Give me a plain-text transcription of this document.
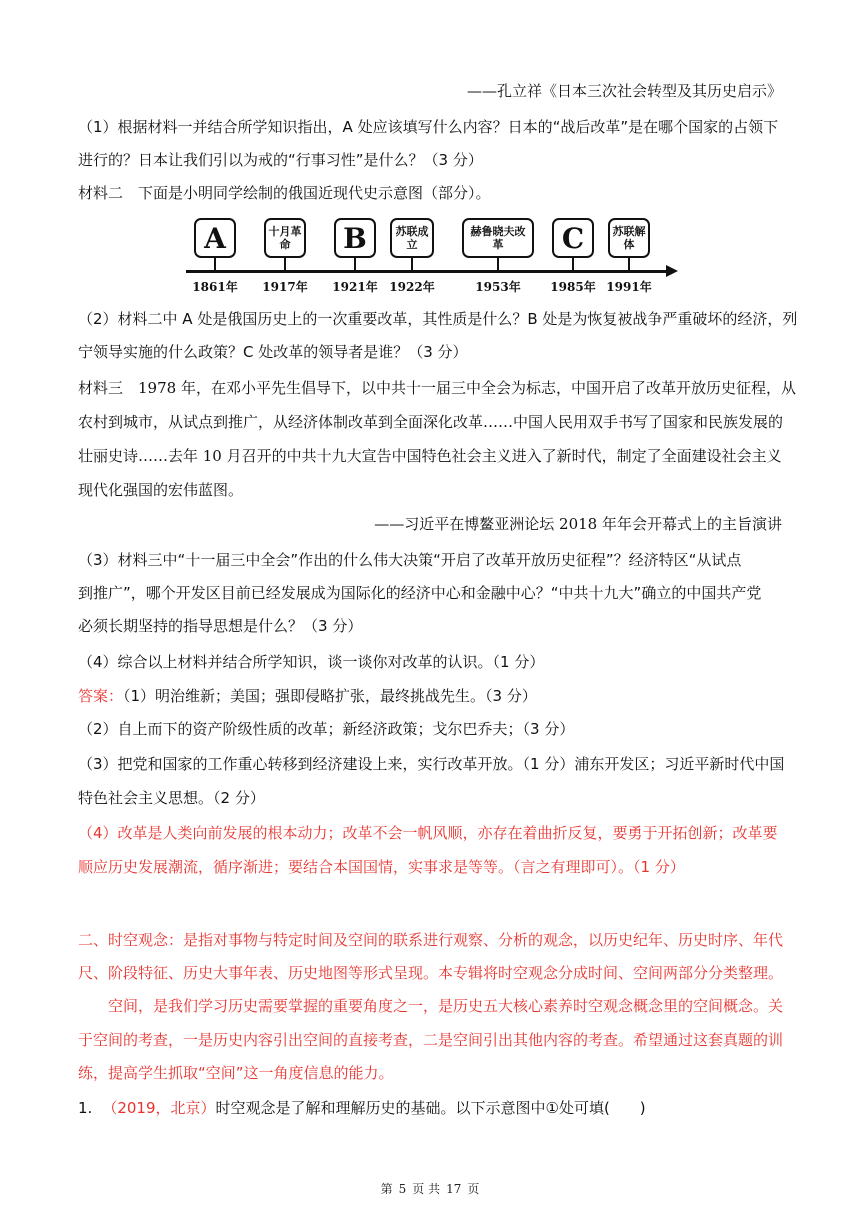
——孔立祥《日本三次社会转型及其历史启示》
（1）根据材料一并结合所学知识指出，A 处应该填写什么内容？日本的“战后改革”是在哪个国家的占领下
进行的？日本让我们引以为戒的“行事习性”是什么？（3 分）
材料二　下面是小明同学绘制的俄国近现代史示意图（部分）。
A	十月革命	B	苏联成立
赫鲁晓夫改革	C	苏联解体
1861年 1917年 1921年 1922年	1953年 1985年 1991年
（2）材料二中 A 处是俄国历史上的一次重要改革，其性质是什么？B 处是为恢复被战争严重破坏的经济，列
宁领导实施的什么政策？C 处改革的领导者是谁？（3 分）
材料三　1978 年，在邓小平先生倡导下，以中共十一届三中全会为标志，中国开启了改革开放历史征程，从
农村到城市，从试点到推广，从经济体制改革到全面深化改革……中国人民用双手书写了国家和民族发展的
壮丽史诗……去年 10 月召开的中共十九大宣告中国特色社会主义进入了新时代，制定了全面建设社会主义
现代化强国的宏伟蓝图。
——习近平在博鳌亚洲论坛 2018 年年会开幕式上的主旨演讲
（3）材料三中“十一届三中全会”作出的什么伟大决策“开启了改革开放历史征程”？经济特区“从试点
到推广”，哪个开发区目前已经发展成为国际化的经济中心和金融中心？“中共十九大”确立的中国共产党
必须长期坚持的指导思想是什么？（3 分）
（4）综合以上材料并结合所学知识，谈一谈你对改革的认识。（1 分）
答案：（1）明治维新；美国；强即侵略扩张，最终挑战先生。（3 分）
（2）自上而下的资产阶级性质的改革；新经济政策；戈尔巴乔夫；（3 分）
（3）把党和国家的工作重心转移到经济建设上来，实行改革开放。（1 分）浦东开发区；习近平新时代中国
特色社会主义思想。（2 分）
（4）改革是人类向前发展的根本动力；改革不会一帆风顺，亦存在着曲折反复，要勇于开拓创新；改革要
顺应历史发展潮流，循序渐进；要结合本国国情，实事求是等等。（言之有理即可）。（1 分）
二、时空观念：是指对事物与特定时间及空间的联系进行观察、分析的观念，以历史纪年、历史时序、年代
尺、阶段特征、历史大事年表、历史地图等形式呈现。本专辑将时空观念分成时间、空间两部分分类整理。
空间，是我们学习历史需要掌握的重要角度之一，是历史五大核心素养时空观念概念里的空间概念。关
于空间的考查，一是历史内容引出空间的直接考查，二是空间引出其他内容的考查。希望通过这套真题的训
练，提高学生抓取“空间”这一角度信息的能力。
1. （2019，北京）时空观念是了解和理解历史的基础。以下示意图中①处可填(　　)
第 5 页 共 17 页
